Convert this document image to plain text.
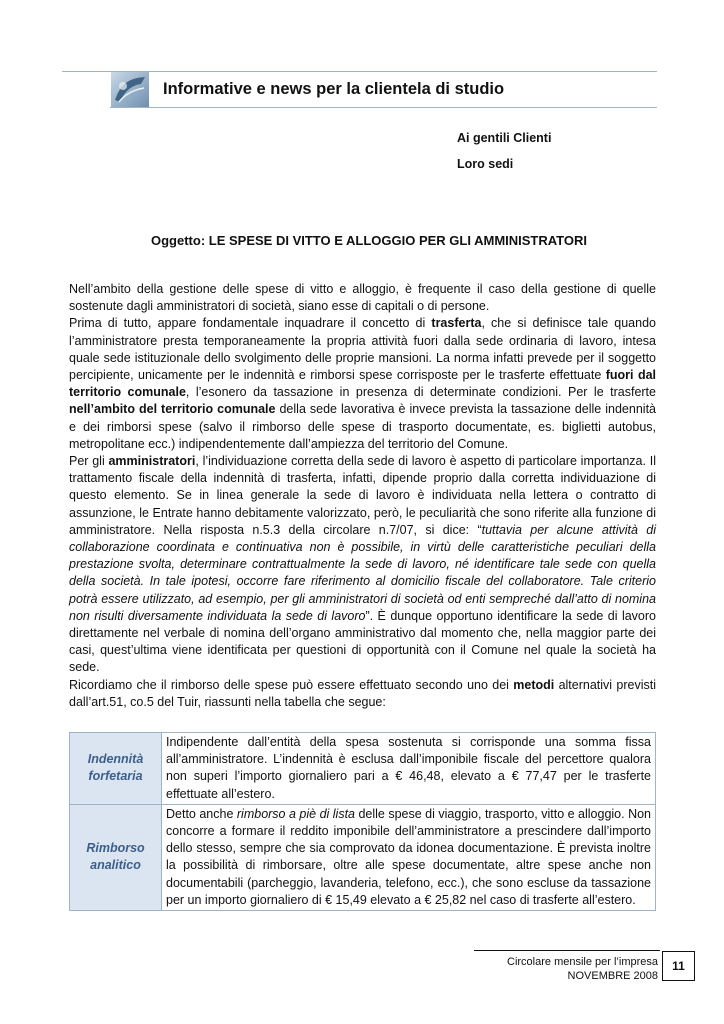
Informative e news per la clientela di studio
Ai gentili Clienti
Loro sedi
Oggetto: LE SPESE DI VITTO E ALLOGGIO PER GLI AMMINISTRATORI

Nell’ambito della gestione delle spese di vitto e alloggio, è frequente il caso della gestione di quelle sostenute dagli amministratori di società, siano esse di capitali o di persone.

Prima di tutto, appare fondamentale inquadrare il concetto di trasferta, che si definisce tale quando l’amministratore presta temporaneamente la propria attività fuori dalla sede ordinaria di lavoro, intesa quale sede istituzionale dello svolgimento delle proprie mansioni. La norma infatti prevede per il soggetto percipiente, unicamente per le indennità e rimborsi spese corrisposte per le trasferte effettuate fuori dal territorio comunale, l’esonero da tassazione in presenza di determinate condizioni. Per le trasferte nell’ambito del territorio comunale della sede lavorativa è invece prevista la tassazione delle indennità e dei rimborsi spese (salvo il rimborso delle spese di trasporto documentate, es. biglietti autobus, metropolitane ecc.) indipendentemente dall’ampiezza del territorio del Comune.

Per gli amministratori, l’individuazione corretta della sede di lavoro è aspetto di particolare importanza. Il trattamento fiscale della indennità di trasferta, infatti, dipende proprio dalla corretta individuazione di questo elemento. Se in linea generale la sede di lavoro è individuata nella lettera o contratto di assunzione, le Entrate hanno debitamente valorizzato, però, le peculiarità che sono riferite alla funzione di amministratore. Nella risposta n.5.3 della circolare n.7/07, si dice: “tuttavia per alcune attività di collaborazione coordinata e continuativa non è possibile, in virtù delle caratteristiche peculiari della prestazione svolta, determinare contrattualmente la sede di lavoro, né identificare tale sede con quella della società. In tale ipotesi, occorre fare riferimento al domicilio fiscale del collaboratore. Tale criterio potrà essere utilizzato, ad esempio, per gli amministratori di società od enti sempreché dall’atto di nomina non risulti diversamente individuata la sede di lavoro”. È dunque opportuno identificare la sede di lavoro direttamente nel verbale di nomina dell’organo amministrativo dal momento che, nella maggior parte dei casi, quest’ultima viene identificata per questioni di opportunità con il Comune nel quale la società ha sede.

Ricordiamo che il rimborso delle spese può essere effettuato secondo uno dei metodi alternativi previsti dall’art.51, co.5 del Tuir, riassunti nella tabella che segue:

Indennità forfetaria	Indipendente dall’entità della spesa sostenuta si corrisponde una somma fissa all’amministratore. L’indennità è esclusa dall’imponibile fiscale del percettore qualora non superi l’importo giornaliero pari a € 46,48, elevato a € 77,47 per le trasferte effettuate all’estero.
Rimborso analitico	Detto anche rimborso a piè di lista delle spese di viaggio, trasporto, vitto e alloggio. Non concorre a formare il reddito imponibile dell’amministratore a prescindere dall’importo dello stesso, sempre che sia comprovato da idonea documentazione. È prevista inoltre la possibilità di rimborsare, oltre alle spese documentate, altre spese anche non documentabili (parcheggio, lavanderia, telefono, ecc.), che sono escluse da tassazione per un importo giornaliero di € 15,49 elevato a € 25,82 nel caso di trasferte all’estero.
Circolare mensile per l’impresa
NOVEMBRE 2008
11
